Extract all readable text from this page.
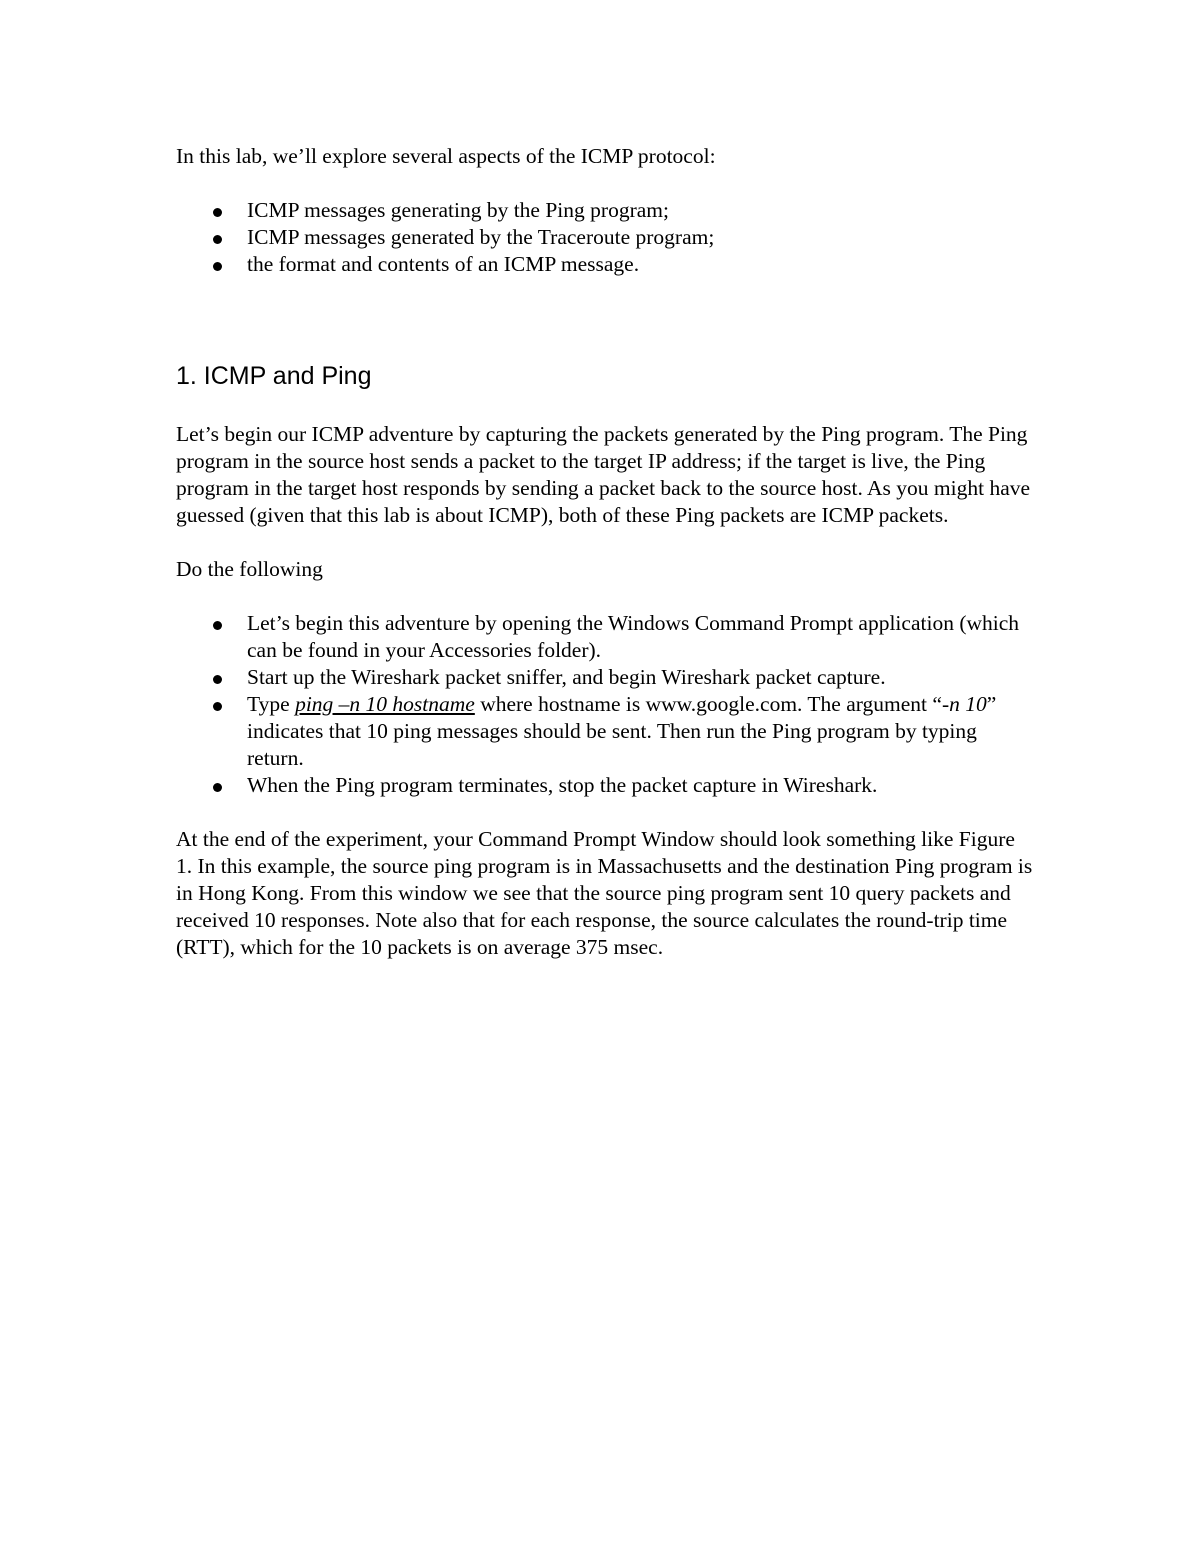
In this lab, we’ll explore several aspects of the ICMP protocol:

ICMP messages generating by the Ping program;
ICMP messages generated by the Traceroute program;
the format and contents of an ICMP message.
1. ICMP and Ping

Let’s begin our ICMP adventure by capturing the packets generated by the Ping program. The Ping program in the source host sends a packet to the target IP address; if the target is live, the Ping program in the target host responds by sending a packet back to the source host. As you might have guessed (given that this lab is about ICMP), both of these Ping packets are ICMP packets.

Do the following

Let’s begin this adventure by opening the Windows Command Prompt application (which can be found in your Accessories folder).
Start up the Wireshark packet sniffer, and begin Wireshark packet capture.
Type ping –n 10 hostname where hostname is www.google.com. The argument “-n 10” indicates that 10 ping messages should be sent. Then run the Ping program by typing return.
When the Ping program terminates, stop the packet capture in Wireshark.

At the end of the experiment, your Command Prompt Window should look something like Figure 1. In this example, the source ping program is in Massachusetts and the destination Ping program is in Hong Kong. From this window we see that the source ping program sent 10 query packets and received 10 responses. Note also that for each response, the source calculates the round-trip time (RTT), which for the 10 packets is on average 375 msec.
